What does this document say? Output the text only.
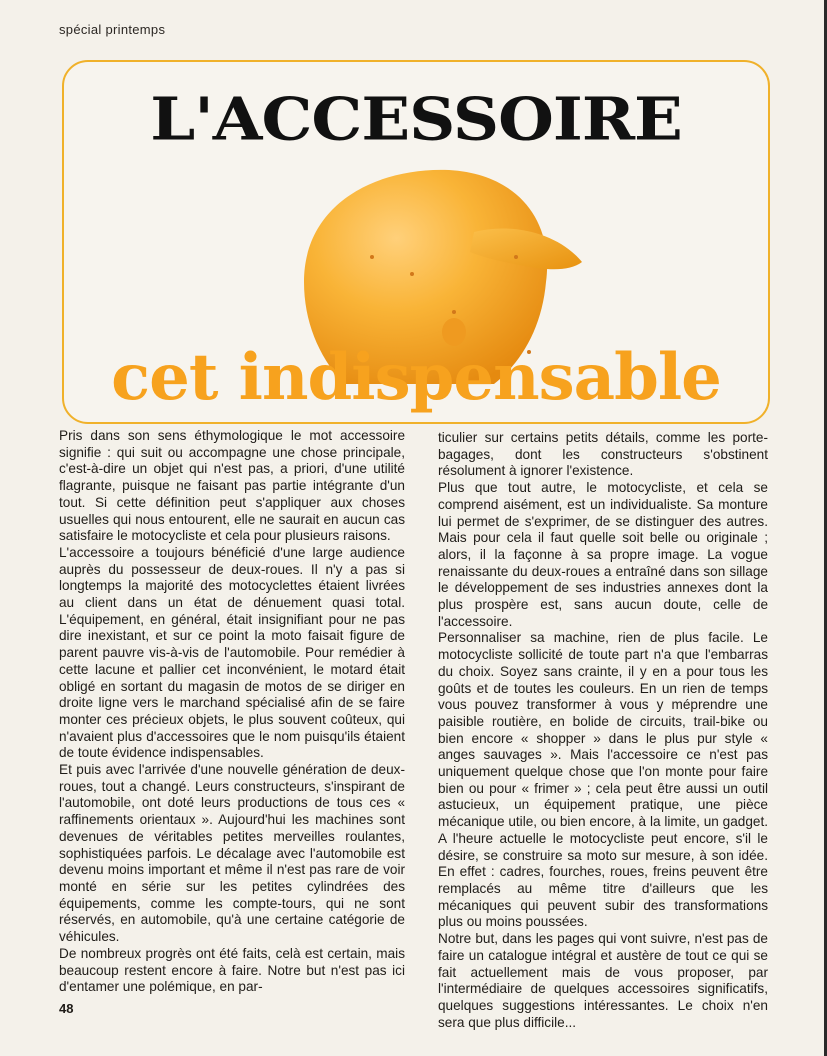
spécial printemps
L'ACCESSOIRE
cet indispensable

Pris dans son sens éthymologique le mot accessoire signifie : qui suit ou accompagne une chose principale, c'est-à-dire un objet qui n'est pas, a priori, d'une utilité flagrante, puisque ne faisant pas partie intégrante d'un tout. Si cette définition peut s'appliquer aux choses usuelles qui nous entourent, elle ne saurait en aucun cas satisfaire le motocycliste et cela pour plusieurs raisons.

L'accessoire a toujours bénéficié d'une large audience auprès du possesseur de deux-roues. Il n'y a pas si longtemps la majorité des motocyclettes étaient livrées au client dans un état de dénuement quasi total. L'équipement, en général, était insignifiant pour ne pas dire inexistant, et sur ce point la moto faisait figure de parent pauvre vis-à-vis de l'automobile. Pour remédier à cette lacune et pallier cet inconvénient, le motard était obligé en sortant du magasin de motos de se diriger en droite ligne vers le marchand spécialisé afin de se faire monter ces précieux objets, le plus souvent coûteux, qui n'avaient plus d'accessoires que le nom puisqu'ils étaient de toute évidence indispensables.

Et puis avec l'arrivée d'une nouvelle génération de deux-roues, tout a changé. Leurs constructeurs, s'inspirant de l'automobile, ont doté leurs productions de tous ces « raffinements orientaux ». Aujourd'hui les machines sont devenues de véritables petites merveilles roulantes, sophistiquées parfois. Le décalage avec l'automobile est devenu moins important et même il n'est pas rare de voir monté en série sur les petites cylindrées des équipements, comme les compte-tours, qui ne sont réservés, en automobile, qu'à une certaine catégorie de véhicules.

De nombreux progrès ont été faits, celà est certain, mais beaucoup restent encore à faire. Notre but n'est pas ici d'entamer une polémique, en par-

ticulier sur certains petits détails, comme les porte-bagages, dont les constructeurs s'obstinent résolument à ignorer l'existence.

Plus que tout autre, le motocycliste, et cela se comprend aisément, est un individualiste. Sa monture lui permet de s'exprimer, de se distinguer des autres. Mais pour cela il faut quelle soit belle ou originale ; alors, il la façonne à sa propre image. La vogue renaissante du deux-roues a entraîné dans son sillage le développement de ses industries annexes dont la plus prospère est, sans aucun doute, celle de l'accessoire.

Personnaliser sa machine, rien de plus facile. Le motocycliste sollicité de toute part n'a que l'embarras du choix. Soyez sans crainte, il y en a pour tous les goûts et de toutes les couleurs. En un rien de temps vous pouvez transformer à vous y méprendre une paisible routière, en bolide de circuits, trail-bike ou bien encore « shopper » dans le plus pur style « anges sauvages ». Mais l'accessoire ce n'est pas uniquement quelque chose que l'on monte pour faire bien ou pour « frimer » ; cela peut être aussi un outil astucieux, un équipement pratique, une pièce mécanique utile, ou bien encore, à la limite, un gadget. A l'heure actuelle le motocycliste peut encore, s'il le désire, se construire sa moto sur mesure, à son idée. En effet : cadres, fourches, roues, freins peuvent être remplacés au même titre d'ailleurs que les mécaniques qui peuvent subir des transformations plus ou moins poussées.

Notre but, dans les pages qui vont suivre, n'est pas de faire un catalogue intégral et austère de tout ce qui se fait actuellement mais de vous proposer, par l'intermédiaire de quelques accessoires significatifs, quelques suggestions intéressantes. Le choix n'en sera que plus difficile...

48
